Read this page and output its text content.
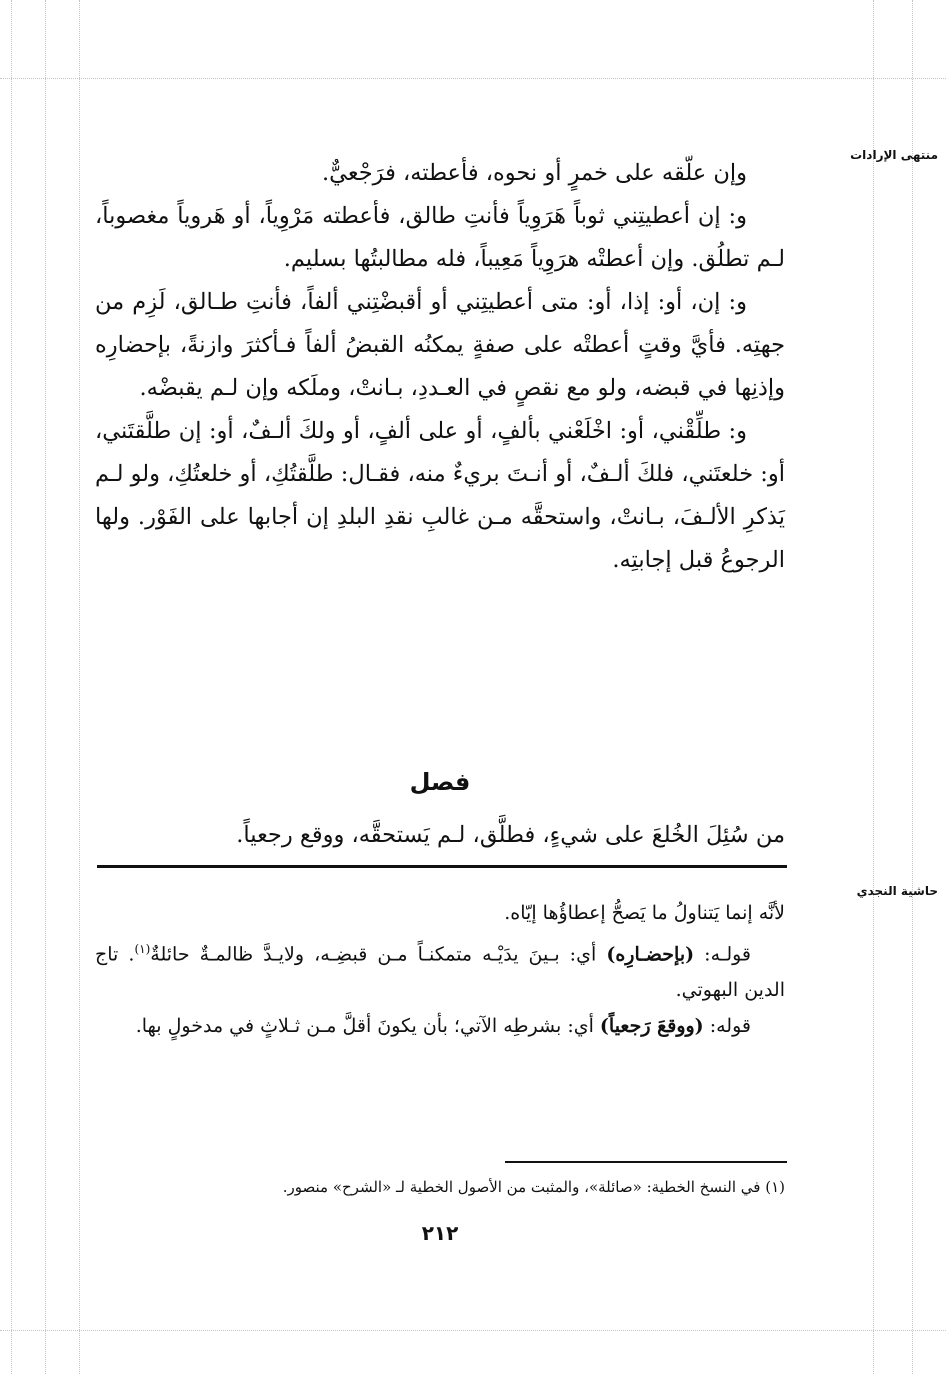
منتهى الإرادات
حاشية النجدي

وإن علّقه على خمرٍ أو نحوه، فأعطته، فرَجْعيٌّ.

و: إن أعطيتِني ثوباً هَرَوِياً فأنتِ طالق، فأعطته مَرْوِياً، أو هَروياً مغصوباً، لـم تطلُق. وإن أعطتْه هرَوِياً مَعِيباً، فله مطالبتُها بسليم.

و: إن، أو: إذا، أو: متى أعطيتِني أو أقبضْتِني ألفاً، فأنتِ طـالق، لَزِم من جهتِه. فأيَّ وقتٍ أعطتْه على صفةٍ يمكنُه القبضُ ألفاً فـأكثرَ وازنةً، بإحضارِه وإذنِها في قبضه، ولو مع نقصٍ في العـددِ، بـانتْ، وملَكه وإن لـم يقبضْه.

و: طلِّقْني، أو: اخْلَعْني بألفٍ، أو على ألفٍ، أو ولكَ ألـفٌ، أو: إن طلَّقتَني، أو: خلعتَني، فلكَ ألـفٌ، أو أنـتَ بريءٌ منه، فقـال: طلَّقتُكِ، أو خلعتُكِ، ولو لـم يَذكرِ الألـفَ، بـانتْ، واستحقَّه مـن غالبِ نقدِ البلدِ إن أجابها على الفَوْر. ولها الرجوعُ قبل إجابتِه.

فصل
من سُئِلَ الخُلعَ على شيءٍ، فطلَّق، لـم يَستحقَّه، ووقع رجعياً.

لأنَّه إنما يَتناولُ ما يَصحُّ إعطاؤُها إيّاه.

قولـه: (بإحضـارِه) أي: بـينَ يدَيْـه متمكنـاً مـن قبضِـه، ولايـدَّ ظالمـةٌ حائلةٌ$^{(١)}$. تاج الدين البهوتي.

قوله: (ووقعَ رَجعياً) أي: بشرطِه الآتي؛ بأن يكونَ أقلَّ مـن ثـلاثٍ في مدخولٍ بها.

(١) في النسخ الخطية: «صائلة»، والمثبت من الأصول الخطية لـ «الشرح» منصور.
٢١٢
